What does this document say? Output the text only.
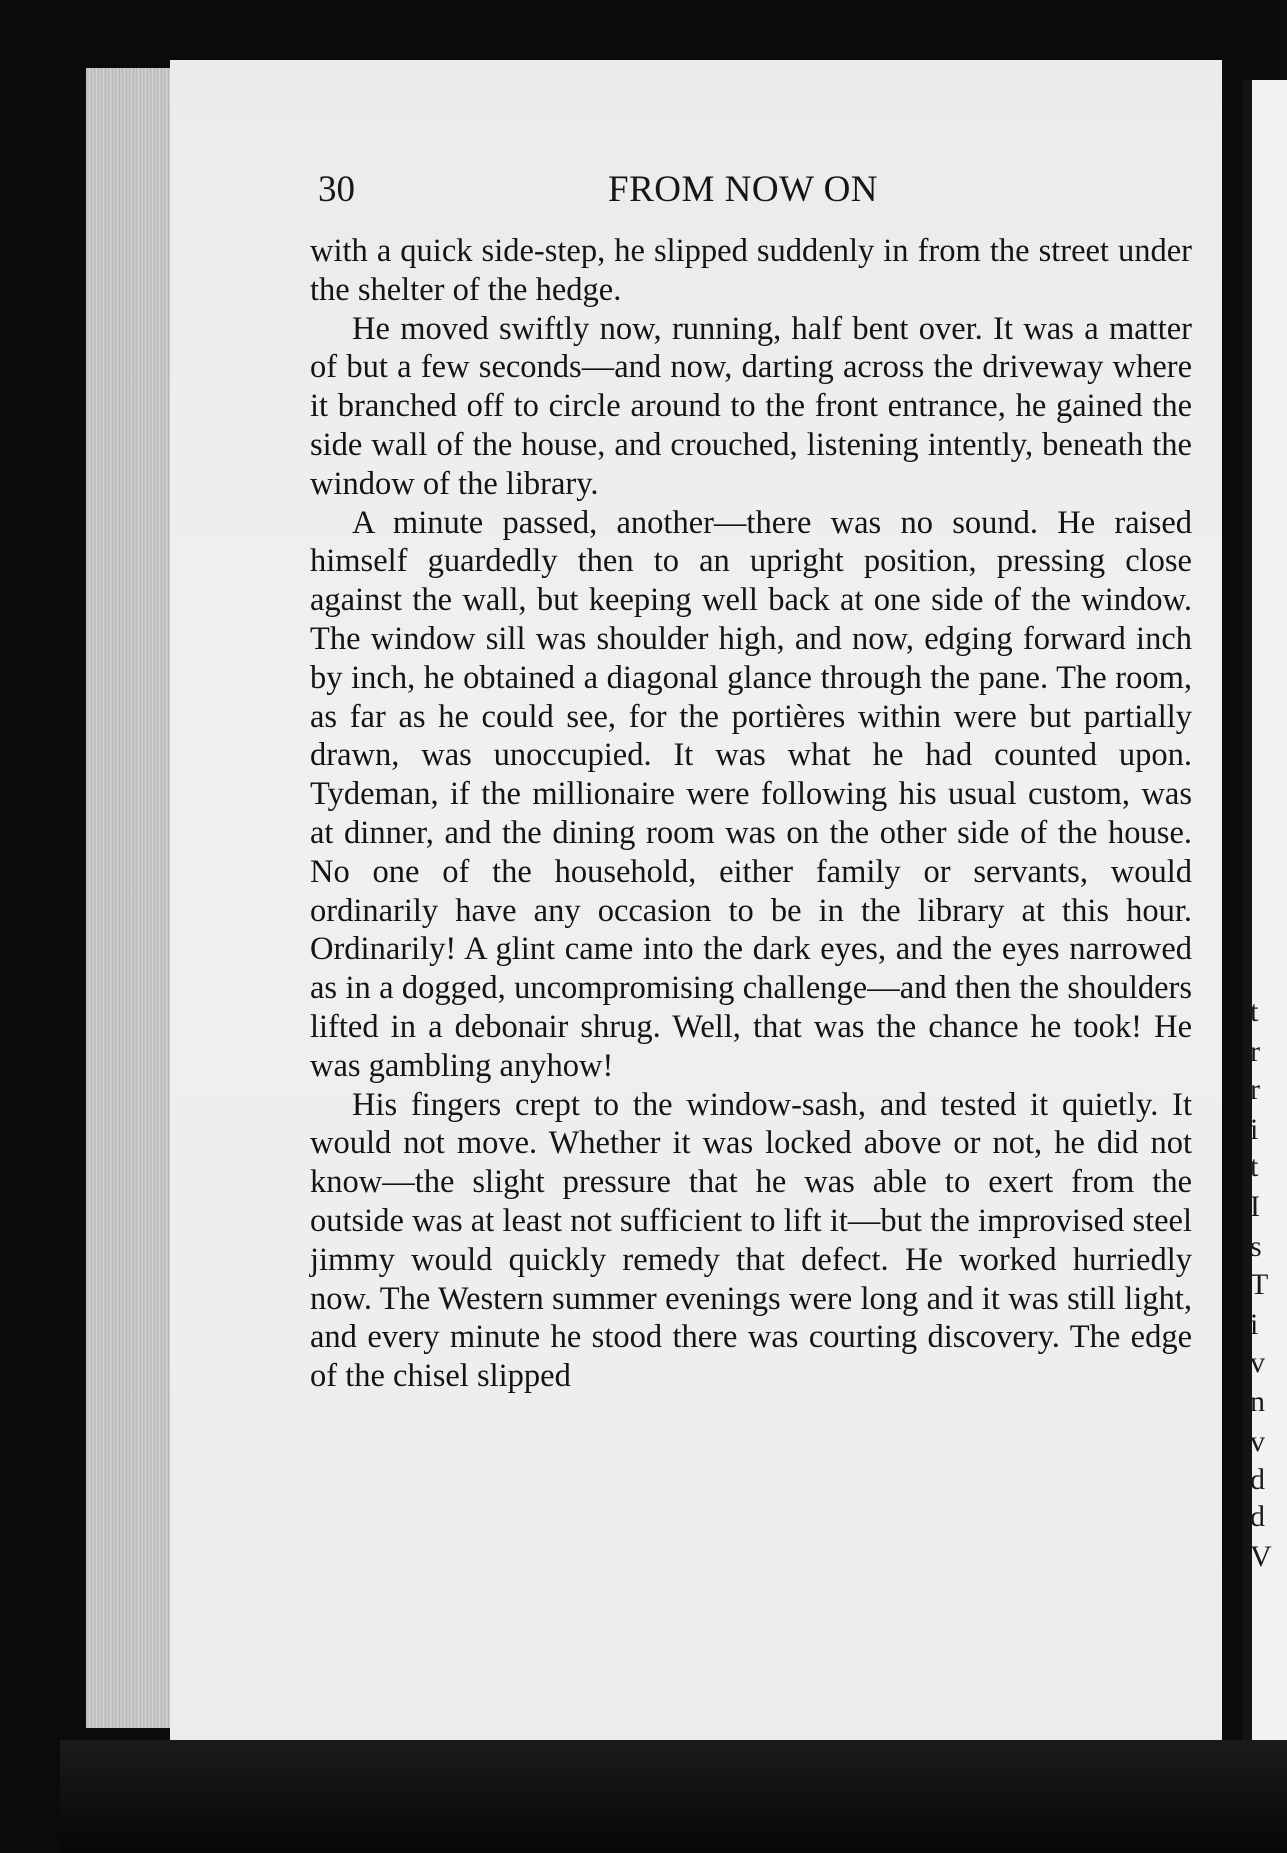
t
r
r
i
t
I
s
T
i
v
n
v
d
d
V
30	FROM NOW ON

with a quick side-step, he slipped suddenly in from the street under the shelter of the hedge.

He moved swiftly now, running, half bent over. It was a matter of but a few seconds—and now, darting across the driveway where it branched off to circle around to the front entrance, he gained the side wall of the house, and crouched, listening intently, beneath the window of the library.

A minute passed, another—there was no sound. He raised himself guardedly then to an upright position, pressing close against the wall, but keeping well back at one side of the window. The window sill was shoulder high, and now, edging forward inch by inch, he obtained a diagonal glance through the pane. The room, as far as he could see, for the portières within were but partially drawn, was unoccupied. It was what he had counted upon. Tydeman, if the millionaire were following his usual custom, was at dinner, and the dining room was on the other side of the house. No one of the household, either family or servants, would ordinarily have any occasion to be in the library at this hour. Ordinarily! A glint came into the dark eyes, and the eyes narrowed as in a dogged, uncompromising challenge—and then the shoulders lifted in a debonair shrug. Well, that was the chance he took! He was gambling anyhow!

His fingers crept to the window-sash, and tested it quietly. It would not move. Whether it was locked above or not, he did not know—the slight pressure that he was able to exert from the outside was at least not sufficient to lift it—but the improvised steel jimmy would quickly remedy that defect. He worked hurriedly now. The Western summer evenings were long and it was still light, and every minute he stood there was courting discovery. The edge of the chisel slipped
